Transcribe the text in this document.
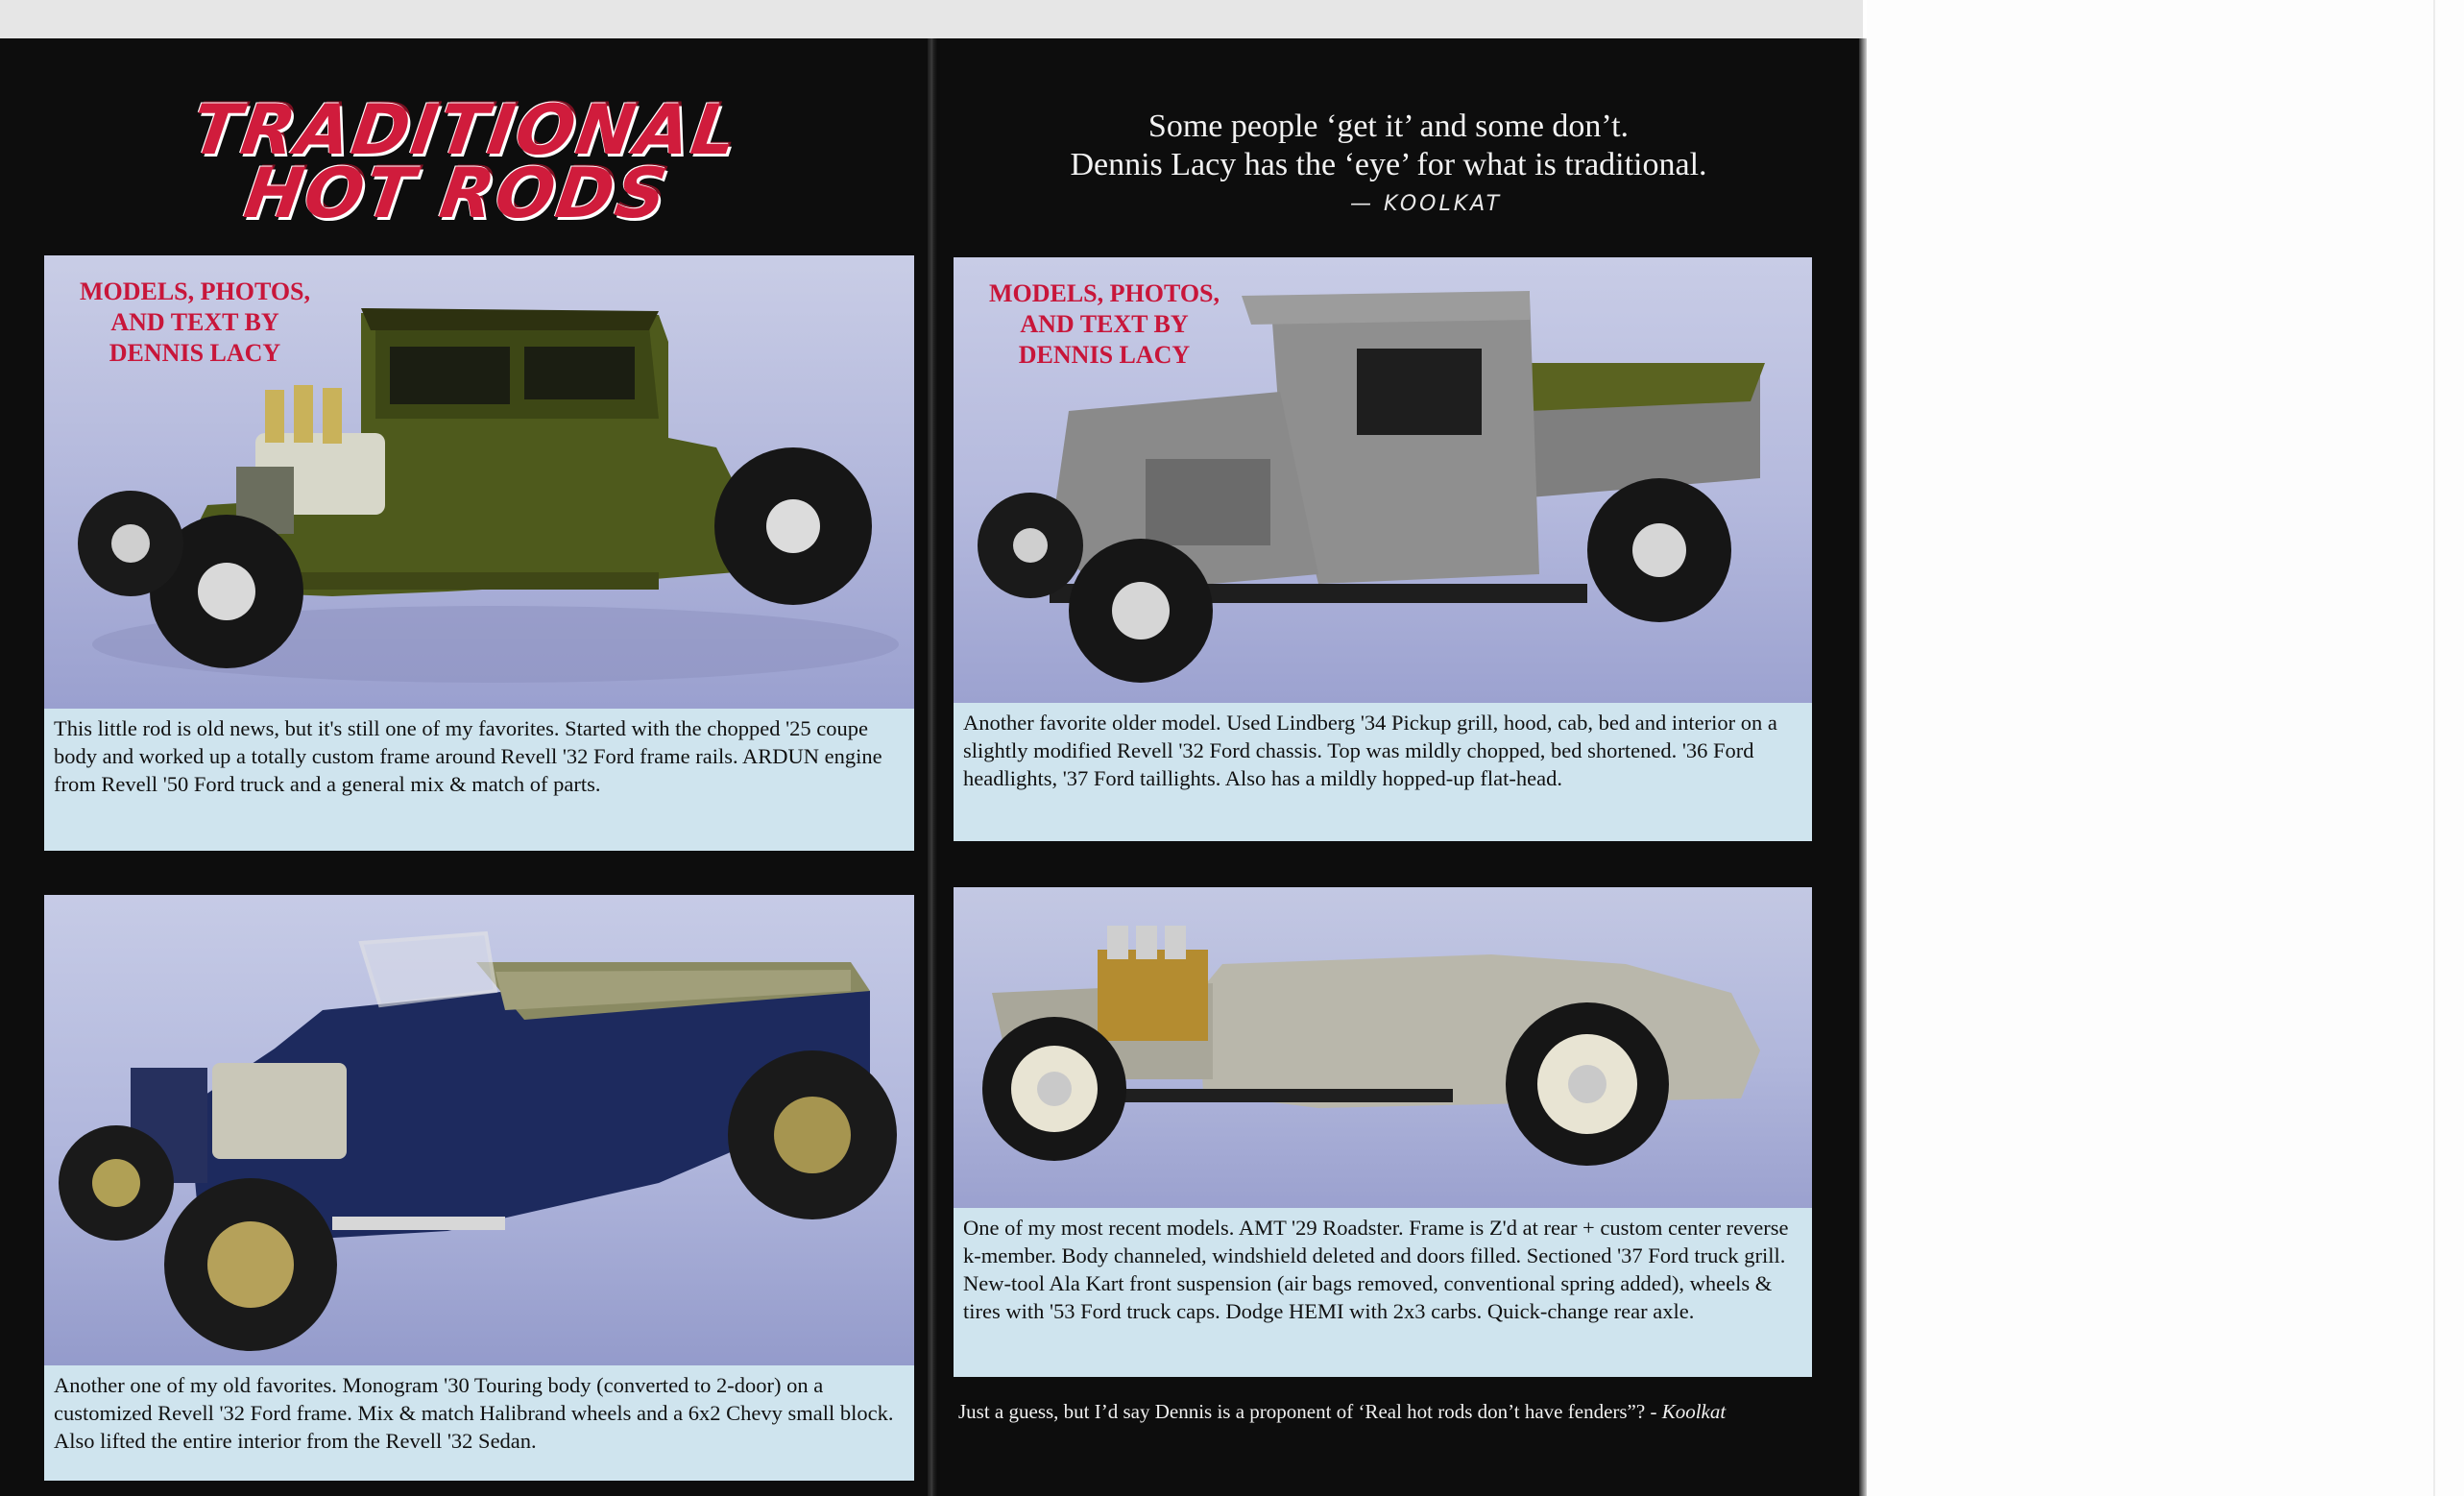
TRADITIONAL
HOT RODS
MODELS, PHOTOS, AND TEXT BY DENNIS LACY
This little rod is old news, but it's still one of my favorites. Started with the chopped '25 coupe body and worked up a totally custom frame around Revell '32 Ford frame rails. ARDUN engine from Revell '50 Ford truck and a general mix & match of parts.
Another one of my old favorites. Monogram '30 Touring body (converted to 2-door) on a customized Revell '32 Ford frame. Mix & match Halibrand wheels and a 6x2 Chevy small block. Also lifted the entire interior from the Revell '32 Sedan.
Some people ‘get it’ and some don’t.
Dennis Lacy has the ‘eye’ for what is traditional.
— KOOLKAT
MODELS, PHOTOS, AND TEXT BY DENNIS LACY
Another favorite older model. Used Lindberg '34 Pickup grill, hood, cab, bed and interior on a slightly modified Revell '32 Ford chassis. Top was mildly chopped, bed shortened. '36 Ford headlights, '37 Ford taillights. Also has a mildly hopped-up flat-head.
One of my most recent models. AMT '29 Roadster. Frame is Z'd at rear + custom center reverse k-member. Body channeled, windshield deleted and doors filled. Sectioned '37 Ford truck grill. New-tool Ala Kart front suspension (air bags removed, conventional spring added), wheels & tires with '53 Ford truck caps. Dodge HEMI with 2x3 carbs. Quick-change rear axle.
Just a guess, but I’d say Dennis is a proponent of ‘Real hot rods don’t have fenders”? - Koolkat
